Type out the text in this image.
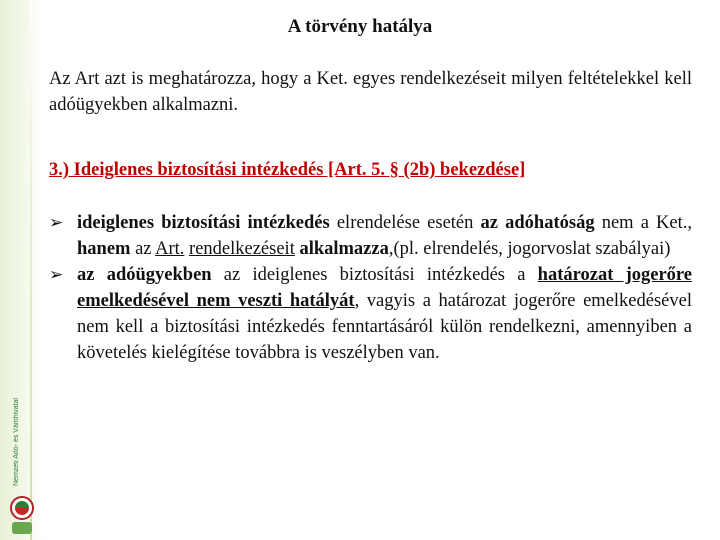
Nemzeti Adó- és Vámhivatal
A törvény hatálya
Az Art azt is meghatározza, hogy a Ket. egyes rendelkezéseit milyen feltételekkel kell adóügyekben alkalmazni.
3.) Ideiglenes biztosítási intézkedés [Art. 5. § (2b) bekezdése]
➢ ideiglenes biztosítási intézkedés elrendelése esetén az adóhatóság nem a Ket., hanem az Art. rendelkezéseit alkalmazza,(pl. elrendelés, jogorvoslat szabályai)
➢ az adóügyekben az ideiglenes biztosítási intézkedés a határozat jogerőre emelkedésével nem veszti hatályát, vagyis a határozat jogerőre emelkedésével nem kell a biztosítási intézkedés fenntartásáról külön rendelkezni, amennyiben a követelés kielégítése továbbra is veszélyben van.
